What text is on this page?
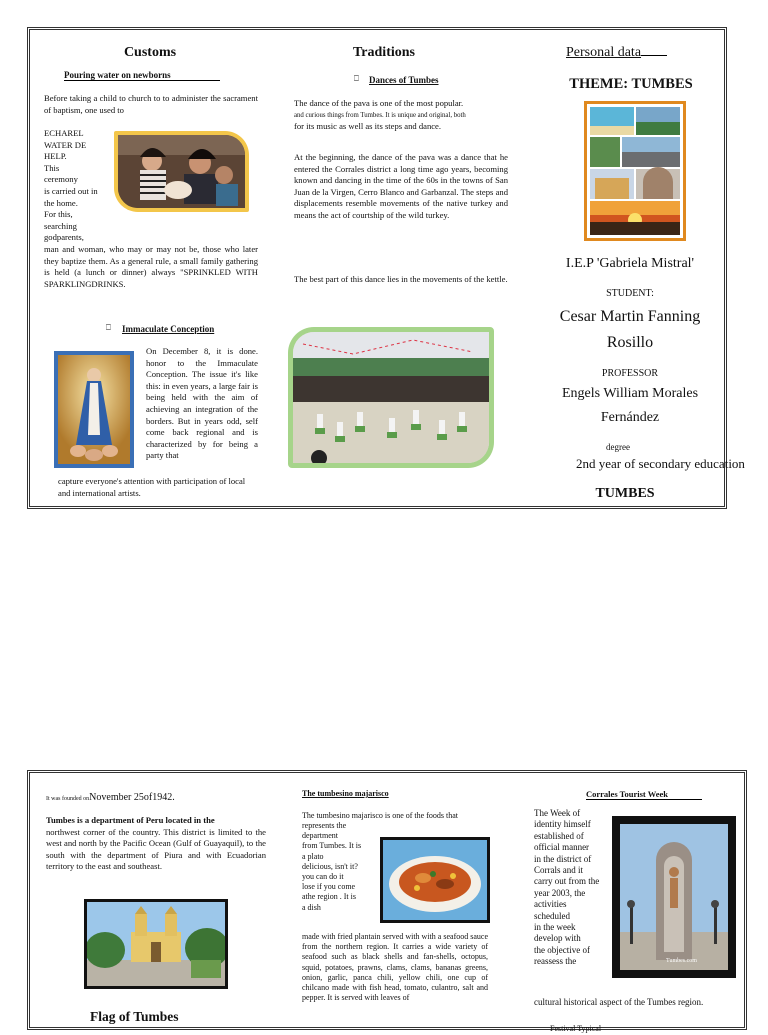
Customs
Pouring water on newborns
Before taking a child to church to to administer the sacrament of baptism, one used to
ECHAREL
WATER DE
HELP.
This
ceremony
is carried out in
the home.
For this,
searching
godparents,
man and woman, who may or may not be, those who later they baptize them. As a general rule, a small family gathering is held (a lunch or dinner) always "SPRINKLED WITH SPARKLINGDRINKS.
⎕ Immaculate Conception
On December 8, it is done. honor to the Immaculate Conception. The issue it's like this: in even years, a large fair is being held with the aim of achieving an integration of the borders. But in years odd, self come back regional and is characterized by for being a party that
capture everyone's attention with participation of local and international artists.
Traditions
⎕ Dances of Tumbes
The dance of the pava is one of the most popular.
and curious things from Tumbes. It is unique and original, both
for its music as well as its steps and dance.
At the beginning, the dance of the pava was a dance that he entered the Corrales district a long time ago years, becoming known and dancing in the time of the 60s in the towns of San Juan de la Virgen, Cerro Blanco and Garbanzal. The steps and displacements resemble movements of the native turkey and means the act of courtship of the wild turkey.
The best part of this dance lies in the movements of the kettle.
Personal data
THEME: TUMBES
I.E.P 'Gabriela Mistral'
STUDENT:
Cesar Martin Fanning
Rosillo
PROFESSOR
Engels William Morales
Fernández
degree
2nd year of secondary education
TUMBES
It was founded onNovember 25of1942.
Tumbes is a department of Peru located in the
northwest corner of the country. This district is limited to the west and north by the Pacific Ocean (Gulf of Guayaquil), to the south with the department of Piura and with Ecuadorian territory to the east and southeast.
Flag of Tumbes
The tumbesino majarisco
The tumbesino majarisco is one of the foods that
represents the
department
from Tumbes. It is
a plato
delicious, isn't it?
you can do it
lose if you come
athe region . It is
a dish
made with fried plantain served with with a seafood sauce from the northern region. It carries a wide variety of seafood such as black shells and fan-shells, octopus, squid, potatoes, prawns, clams, clams, bananas greens, onion, garlic, panca chili, yellow chili, one cup of chilcano made with fish head, tomato, culantro, salt and pepper. It is served with leaves of
Corrales Tourist Week
The Week of
identity himself
established of
official manner
in the district of
Corrals and it
carry out from the
year 2003, the
activities
scheduled
in the week
develop with
the objective of
reassess the	Tumbes.com
cultural historical aspect of the Tumbes region.
Festival Typical
